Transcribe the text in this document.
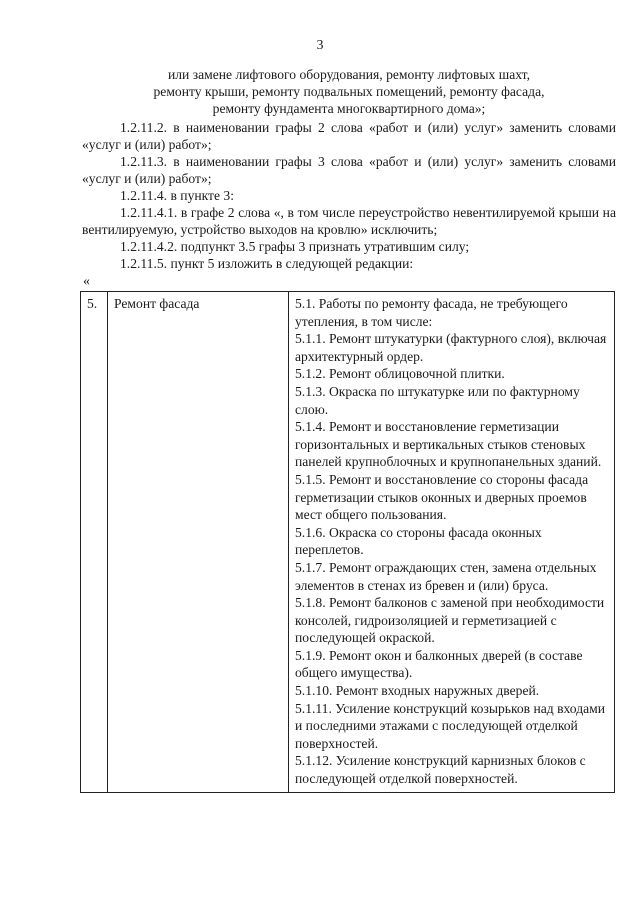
3
или замене лифтового оборудования, ремонту лифтовых шахт,
ремонту крыши, ремонту подвальных помещений, ремонту фасада,
ремонту фундамента многоквартирного дома»;

1.2.11.2. в наименовании графы 2 слова «работ и (или) услуг» заменить словами «услуг и (или) работ»;

1.2.11.3. в наименовании графы 3 слова «работ и (или) услуг» заменить словами «услуг и (или) работ»;

1.2.11.4. в пункте 3:

1.2.11.4.1. в графе 2 слова «, в том числе переустройство невентилируемой крыши на вентилируемую, устройство выходов на кровлю» исключить;

1.2.11.4.2. подпункт 3.5 графы 3 признать утратившим силу;

1.2.11.5. пункт 5 изложить в следующей редакции:

«
5.	Ремонт фасада	5.1. Работы по ремонту фасада, не требующего утепления, в том числе:
5.1.1. Ремонт штукатурки (фактурного слоя), включая архитектурный ордер.
5.1.2. Ремонт облицовочной плитки.
5.1.3. Окраска по штукатурке или по фактурному слою.
5.1.4. Ремонт и восстановление герметизации горизонтальных и вертикальных стыков стеновых панелей крупноблочных и крупнопанельных зданий.
5.1.5. Ремонт и восстановление со стороны фасада герметизации стыков оконных и дверных проемов мест общего пользования.
5.1.6. Окраска со стороны фасада оконных переплетов.
5.1.7. Ремонт ограждающих стен, замена отдельных элементов в стенах из бревен и (или) бруса.
5.1.8. Ремонт балконов с заменой при необходимости консолей, гидроизоляцией и герметизацией с последующей окраской.
5.1.9. Ремонт окон и балконных дверей (в составе общего имущества).
5.1.10. Ремонт входных наружных дверей.
5.1.11. Усиление конструкций козырьков над входами и последними этажами с последующей отделкой поверхностей.
5.1.12. Усиление конструкций карнизных блоков с последующей отделкой поверхностей.
